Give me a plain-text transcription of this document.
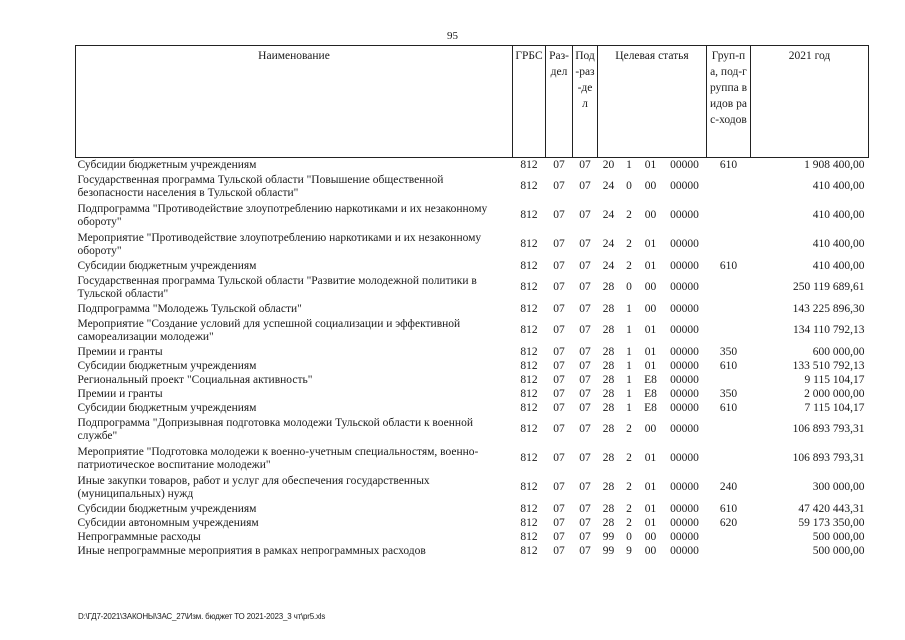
95
Наименование	ГРБС	Раз-дел	Под-раз-дел	Целевая статья				Груп-па, под-группа видов рас-ходов	2021 год
Субсидии бюджетным учреждениям	812	07	07	20	1	01	00000	610	1 908 400,00
Государственная программа Тульской области "Повышение общественной безопасности населения в Тульской области"	812	07	07	24	0	00	00000		410 400,00
Подпрограмма "Противодействие злоупотреблению наркотиками и их незаконному обороту"	812	07	07	24	2	00	00000		410 400,00
Мероприятие "Противодействие злоупотреблению наркотиками и их незаконному обороту"	812	07	07	24	2	01	00000		410 400,00
Субсидии бюджетным учреждениям	812	07	07	24	2	01	00000	610	410 400,00
Государственная программа Тульской области "Развитие молодежной политики в Тульской области"	812	07	07	28	0	00	00000		250 119 689,61
Подпрограмма "Молодежь Тульской области"	812	07	07	28	1	00	00000		143 225 896,30
Мероприятие "Создание условий для успешной социализации и эффективной самореализации молодежи"	812	07	07	28	1	01	00000		134 110 792,13
Премии и гранты	812	07	07	28	1	01	00000	350	600 000,00
Субсидии бюджетным учреждениям	812	07	07	28	1	01	00000	610	133 510 792,13
Региональный проект "Социальная активность"	812	07	07	28	1	E8	00000		9 115 104,17
Премии и гранты	812	07	07	28	1	E8	00000	350	2 000 000,00
Субсидии бюджетным учреждениям	812	07	07	28	1	E8	00000	610	7 115 104,17
Подпрограмма "Допризывная подготовка молодежи Тульской области к военной службе"	812	07	07	28	2	00	00000		106 893 793,31
Мероприятие "Подготовка молодежи к военно-учетным специальностям, военно-патриотическое воспитание молодежи"	812	07	07	28	2	01	00000		106 893 793,31
Иные закупки товаров, работ и услуг для обеспечения государственных (муниципальных) нужд	812	07	07	28	2	01	00000	240	300 000,00
Субсидии бюджетным учреждениям	812	07	07	28	2	01	00000	610	47 420 443,31
Субсидии автономным учреждениям	812	07	07	28	2	01	00000	620	59 173 350,00
Непрограммные расходы	812	07	07	99	0	00	00000		500 000,00
Иные непрограммные мероприятия в рамках непрограммных расходов	812	07	07	99	9	00	00000		500 000,00
D:\ГД7-2021\ЗАКОНЫ\ЗАС_27\Изм. бюджет ТО 2021-2023_3 чт\pr5.xls
